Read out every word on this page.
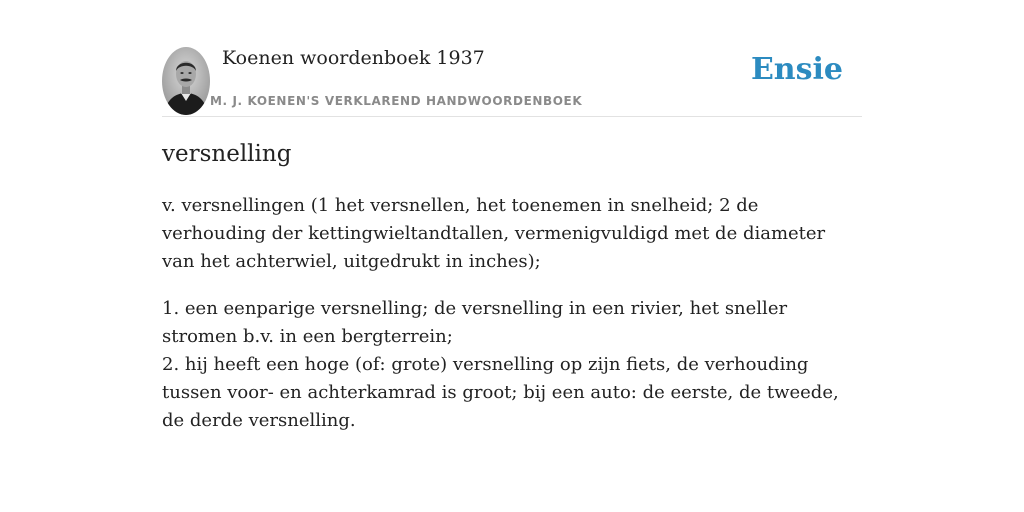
Koenen woordenboek 1937
M. J. KOENEN'S VERKLAREND HANDWOORDENBOEK
Ensie
versnelling

v. versnellingen (1 het versnellen, het toenemen in snelheid; 2 de verhouding der kettingwieltandtallen, vermenigvuldigd met de diameter van het achterwiel, uitgedrukt in inches);

1. een eenparige versnelling; de versnelling in een rivier, het sneller stromen b.v. in een bergterrein;
2. hij heeft een hoge (of: grote) versnelling op zijn fiets, de verhouding tussen voor- en achterkamrad is groot; bij een auto: de eerste, de tweede, de derde versnelling.
